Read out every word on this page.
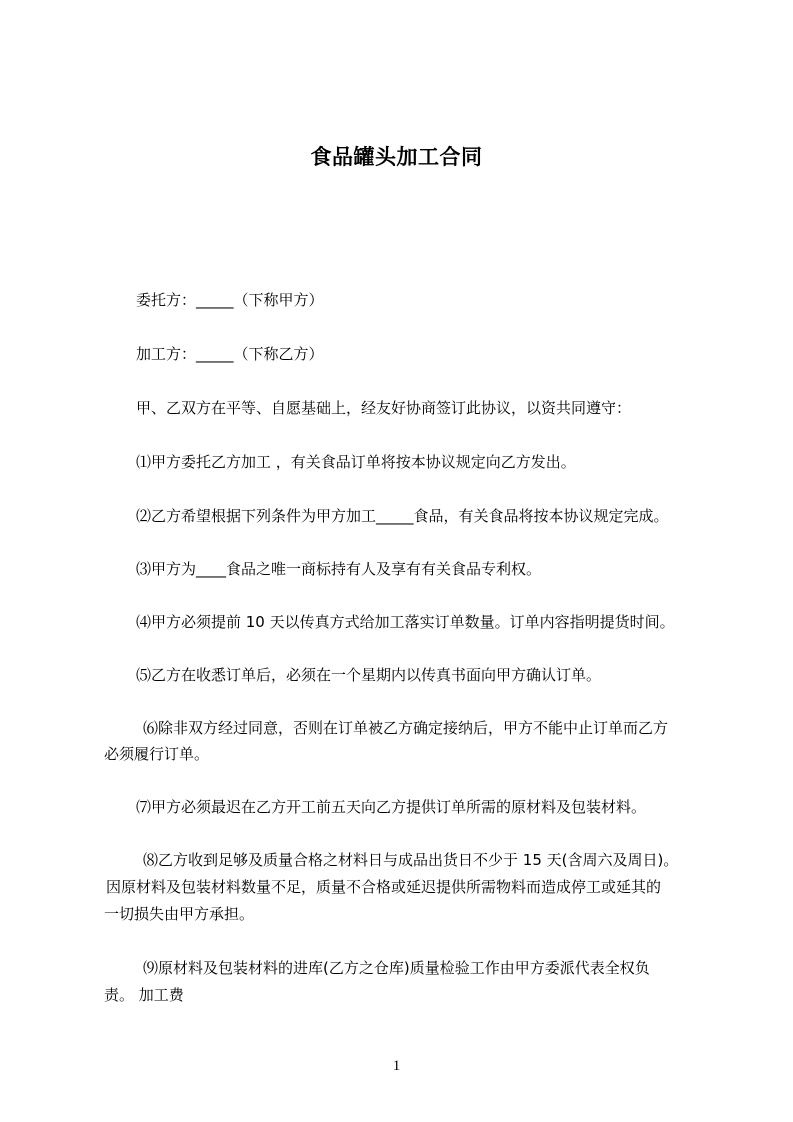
食品罐头加工合同
委托方：_____（下称甲方）
加工方：_____（下称乙方）
甲、乙双方在平等、自愿基础上，经友好协商签订此协议，以资共同遵守：
⑴甲方委托乙方加工 ，有关食品订单将按本协议规定向乙方发出。
⑵乙方希望根据下列条件为甲方加工_____食品，有关食品将按本协议规定完成。
⑶甲方为____食品之唯一商标持有人及享有有关食品专利权。
⑷甲方必须提前 10 天以传真方式给加工落实订单数量。订单内容指明提货时间。
⑸乙方在收悉订单后，必须在一个星期内以传真书面向甲方确认订单。
⑹除非双方经过同意，否则在订单被乙方确定接纳后，甲方不能中止订单而乙方
必须履行订单。
⑺甲方必须最迟在乙方开工前五天向乙方提供订单所需的原材料及包装材料。
⑻乙方收到足够及质量合格之材料日与成品出货日不少于 15 天(含周六及周日)。
因原材料及包装材料数量不足，质量不合格或延迟提供所需物料而造成停工或延其的
一切损失由甲方承担。
⑼原材料及包装材料的进库(乙方之仓库)质量检验工作由甲方委派代表全权负
责。 加工费
1
